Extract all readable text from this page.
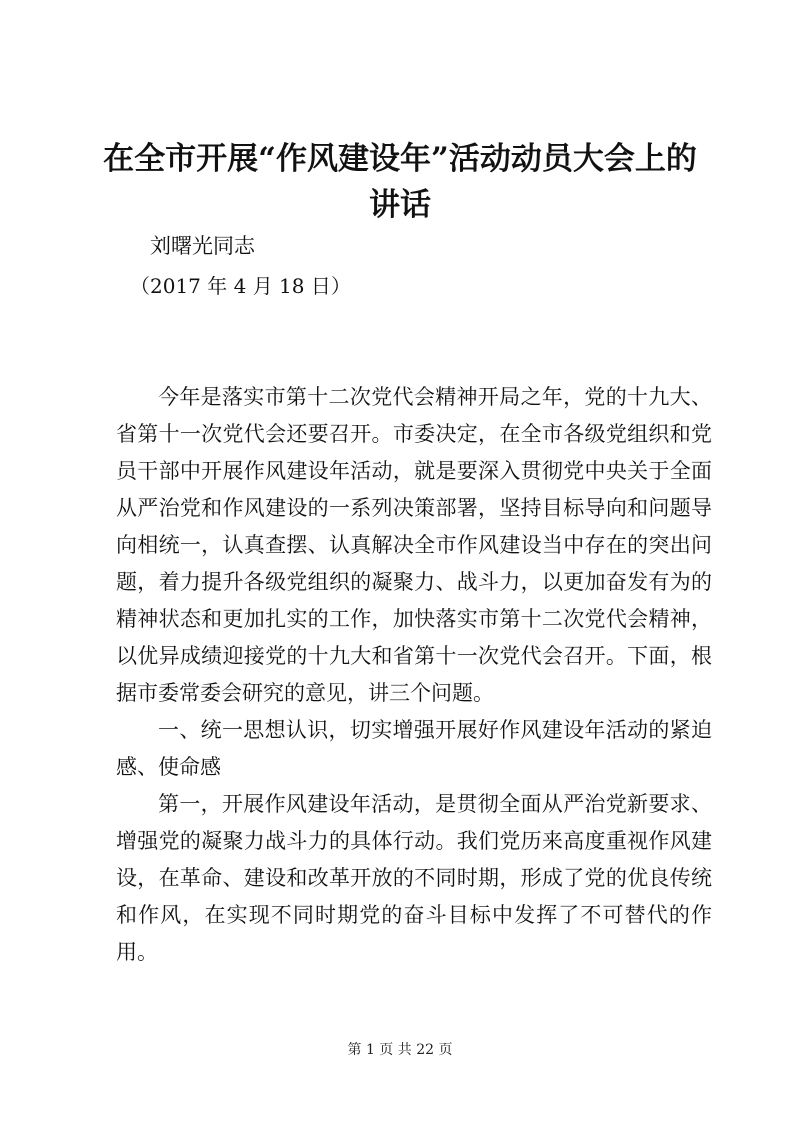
在全市开展“作风建设年”活动动员大会上的讲话

刘曙光同志

（2017 年 4 月 18 日）

今年是落实市第十二次党代会精神开局之年，党的十九大、省第十一次党代会还要召开。市委决定，在全市各级党组织和党员干部中开展作风建设年活动，就是要深入贯彻党中央关于全面从严治党和作风建设的一系列决策部署，坚持目标导向和问题导向相统一，认真查摆、认真解决全市作风建设当中存在的突出问题，着力提升各级党组织的凝聚力、战斗力，以更加奋发有为的精神状态和更加扎实的工作，加快落实市第十二次党代会精神，以优异成绩迎接党的十九大和省第十一次党代会召开。下面，根据市委常委会研究的意见，讲三个问题。

一、统一思想认识，切实增强开展好作风建设年活动的紧迫感、使命感

第一，开展作风建设年活动，是贯彻全面从严治党新要求、增强党的凝聚力战斗力的具体行动。我们党历来高度重视作风建设，在革命、建设和改革开放的不同时期，形成了党的优良传统和作风，在实现不同时期党的奋斗目标中发挥了不可替代的作用。

第 1 页 共 22 页
